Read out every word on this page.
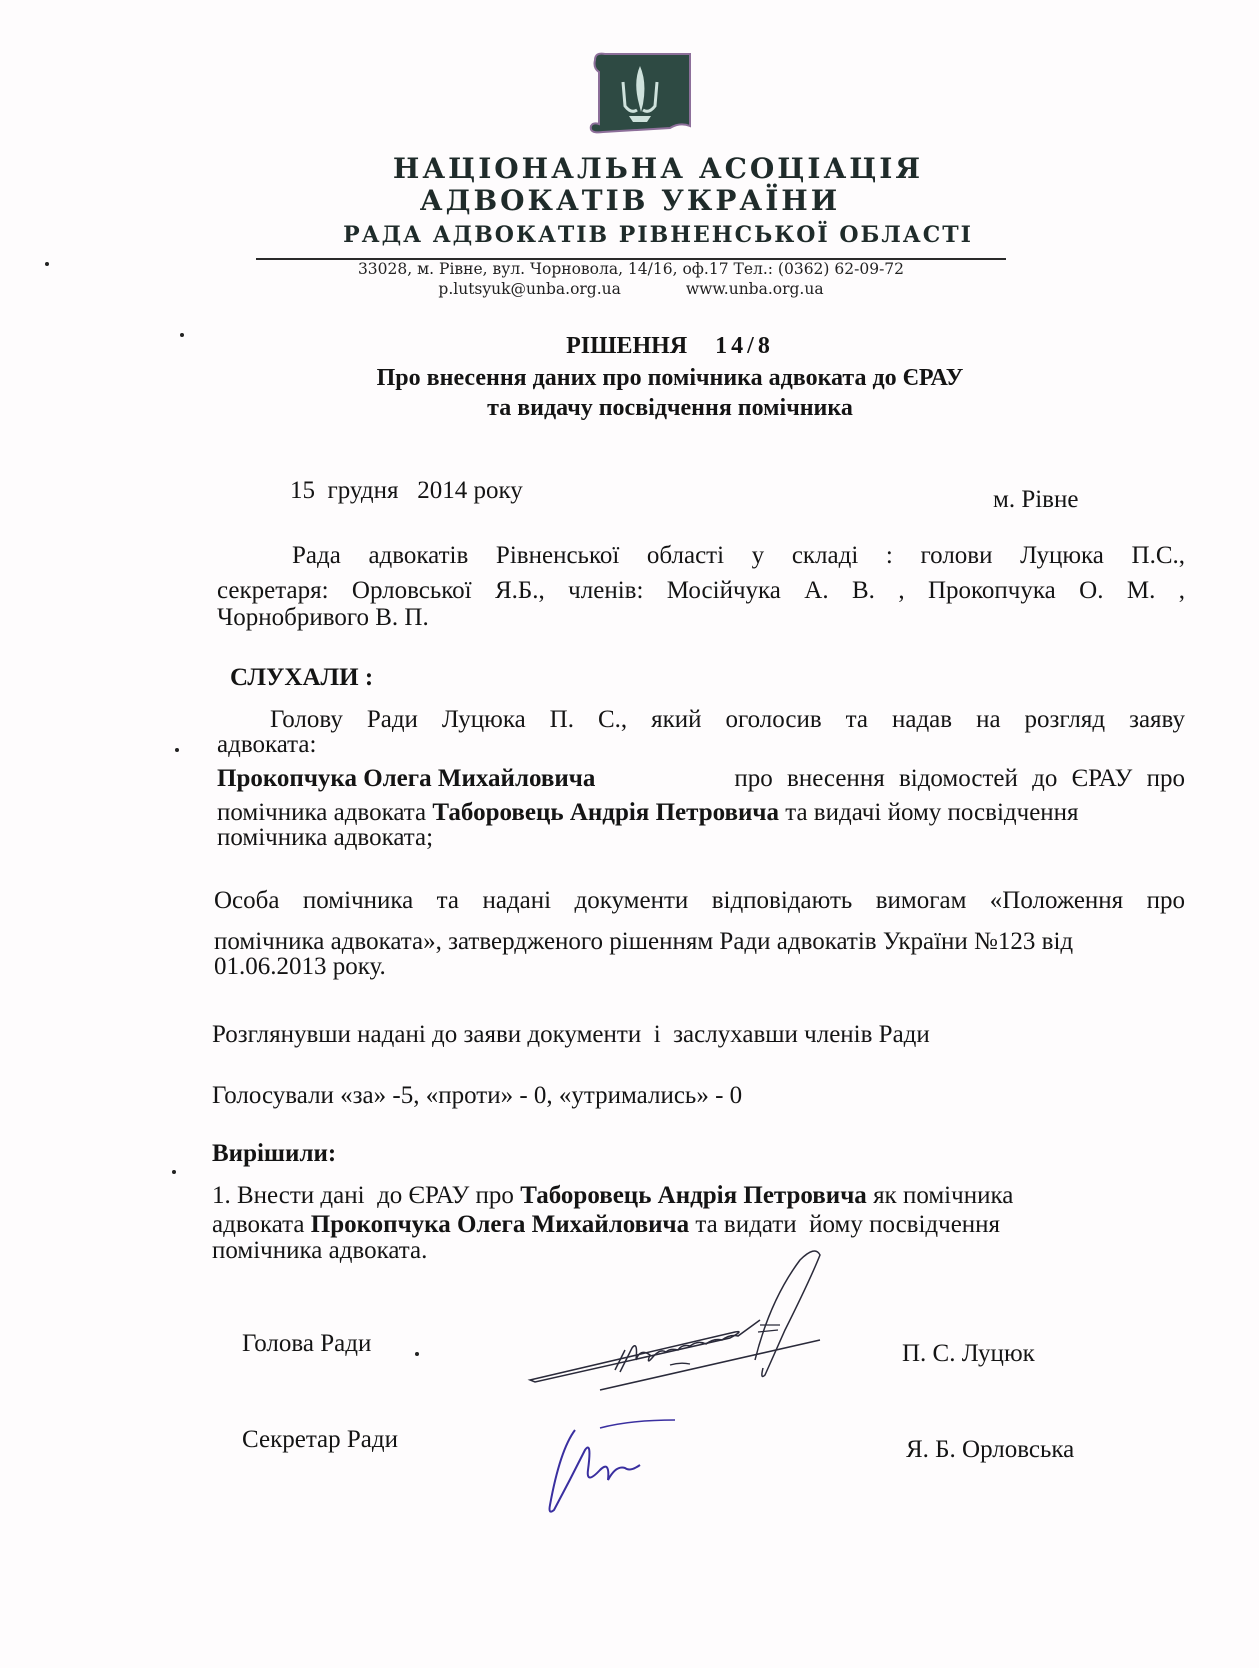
НАЦІОНАЛЬНА АСОЦІАЦІЯ
АДВОКАТІВ УКРАЇНИ
РАДА АДВОКАТІВ РІВНЕНСЬКОЇ ОБЛАСТІ
33028, м. Рівне, вул. Чорновола, 14/16, оф.17 Тел.: (0362) 62-09-72
p.lutsyuk@unba.org.ua	www.unba.org.ua
РІШЕННЯ 14/8
Про внесення даних про помічника адвоката до ЄРАУ
та видачу посвідчення помічника
15  грудня   2014 року	м. Рівне
Рада адвокатів Рівненської області у складі : голови Луцюка П.С.,
секретаря: Орловської Я.Б., членів: Мосійчука А. В. , Прокопчука О. М. ,
Чорнобривого В. П.
СЛУХАЛИ :
Голову Ради Луцюка П. С., який оголосив та надав на розгляд заяву
адвоката:
Прокопчука Олега Михайловича	про внесення відомостей до ЄРАУ про
помічника адвоката Таборовець Андрія Петровича та видачі йому посвідчення
помічника адвоката;
Особа помічника та надані документи відповідають вимогам «Положення про
помічника адвоката», затвердженого рішенням Ради адвокатів України №123 від
01.06.2013 року.
Розглянувши надані до заяви документи  і  заслухавши членів Ради
Голосували «за» -5, «проти» - 0, «утримались» - 0
Вирішили:
1. Внести дані  до ЄРАУ про Таборовець Андрія Петровича як помічника
адвоката Прокопчука Олега Михайловича та видати  йому посвідчення
помічника адвоката.
Голова Ради	П. С. Луцюк
Секретар Ради	Я. Б. Орловська
